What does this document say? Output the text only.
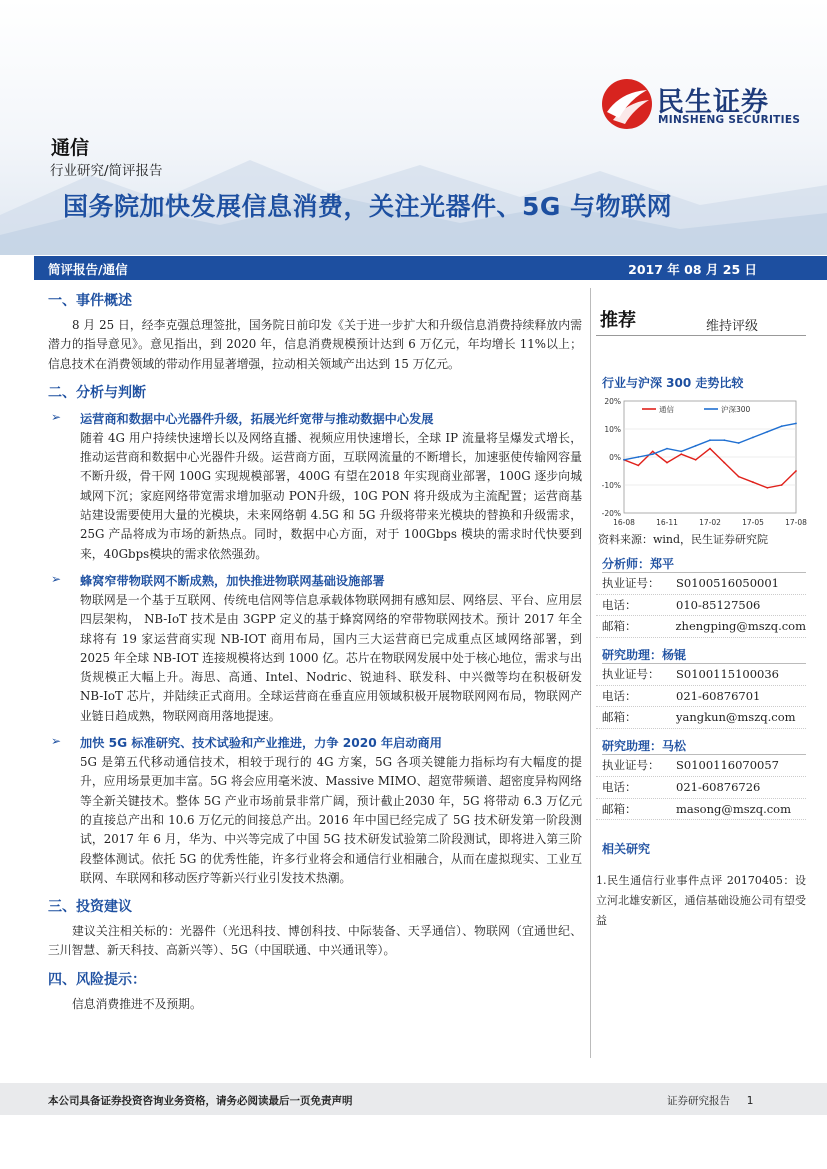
民生证券
MINSHENG SECURITIES
通信
行业研究/简评报告
国务院加快发展信息消费，关注光器件、5G 与物联网
简评报告/通信	2017 年 08 月 25 日
一、事件概述
8 月 25 日，经李克强总理签批，国务院日前印发《关于进一步扩大和升级信息消费持续释放内需潜力的指导意见》。意见指出，到 2020 年，信息消费规模预计达到 6 万亿元，年均增长 11%以上；信息技术在消费领域的带动作用显著增强，拉动相关领域产出达到 15 万亿元。
二、分析与判断
➢ 运营商和数据中心光器件升级，拓展光纤宽带与推动数据中心发展
随着 4G 用户持续快速增长以及网络直播、视频应用快速增长，全球 IP 流量将呈爆发式增长，推动运营商和数据中心光器件升级。运营商方面，互联网流量的不断增长，加速驱使传输网容量不断升级，骨干网 100G 实现规模部署，400G 有望在2018 年实现商业部署，100G 逐步向城域网下沉；家庭网络带宽需求增加驱动 PON升级，10G PON 将升级成为主流配置；运营商基站建设需要使用大量的光模块，未来网络朝 4.5G 和 5G 升级将带来光模块的替换和升级需求，25G 产品将成为市场的新热点。同时，数据中心方面，对于 100Gbps 模块的需求时代快要到来，40Gbps模块的需求依然强劲。
➢ 蜂窝窄带物联网不断成熟，加快推进物联网基础设施部署
物联网是一个基于互联网、传统电信网等信息承载体物联网拥有感知层、网络层、平台、应用层四层架构， NB-IoT 技术是由 3GPP 定义的基于蜂窝网络的窄带物联网技术。预计 2017 年全球将有 19 家运营商实现 NB-IOT 商用布局，国内三大运营商已完成重点区域网络部署，到 2025 年全球 NB-IOT 连接规模将达到 1000 亿。芯片在物联网发展中处于核心地位，需求与出货规模正大幅上升。海思、高通、Intel、Nodric、锐迪科、联发科、中兴微等均在积极研发 NB-IoT 芯片，并陆续正式商用。全球运营商在垂直应用领域积极开展物联网网布局，物联网产业链日趋成熟，物联网商用落地提速。
➢ 加快 5G 标准研究、技术试验和产业推进，力争 2020 年启动商用
5G 是第五代移动通信技术，相较于现行的 4G 方案，5G 各项关键能力指标均有大幅度的提升，应用场景更加丰富。5G 将会应用毫米波、Massive MIMO、超宽带频谱、超密度异构网络等全新关键技术。整体 5G 产业市场前景非常广阔，预计截止2030 年，5G 将带动 6.3 万亿元的直接总产出和 10.6 万亿元的间接总产出。2016 年中国已经完成了 5G 技术研发第一阶段测试，2017 年 6 月，华为、中兴等完成了中国 5G 技术研发试验第二阶段测试，即将进入第三阶段整体测试。依托 5G 的优秀性能，许多行业将会和通信行业相融合，从而在虚拟现实、工业互联网、车联网和移动医疗等新兴行业引发技术热潮。
三、投资建议
建议关注相关标的：光器件（光迅科技、博创科技、中际装备、天孚通信）、物联网（宜通世纪、三川智慧、新天科技、高新兴等）、5G（中国联通、中兴通讯等）。
四、风险提示：
信息消费推进不及预期。
推荐	维持评级
行业与沪深 300 走势比较
20%
10%
0%
-10%
-20%
16-08	16-11	17-02	17-05	17-08
通信	沪深300
资料来源：wind，民生证券研究院
分析师：郑平
执业证号：	S0100516050001
电话：	010-85127506
邮箱：	zhengping@mszq.com
研究助理：杨锟
执业证号：	S0100115100036
电话：	021-60876701
邮箱：	yangkun@mszq.com
研究助理：马松
执业证号：	S0100116070057
电话：	021-60876726
邮箱：	masong@mszq.com
相关研究
1.民生通信行业事件点评 20170405：设立河北雄安新区，通信基础设施公司有望受益
本公司具备证券投资咨询业务资格，请务必阅读最后一页免责声明	证券研究报告 1
